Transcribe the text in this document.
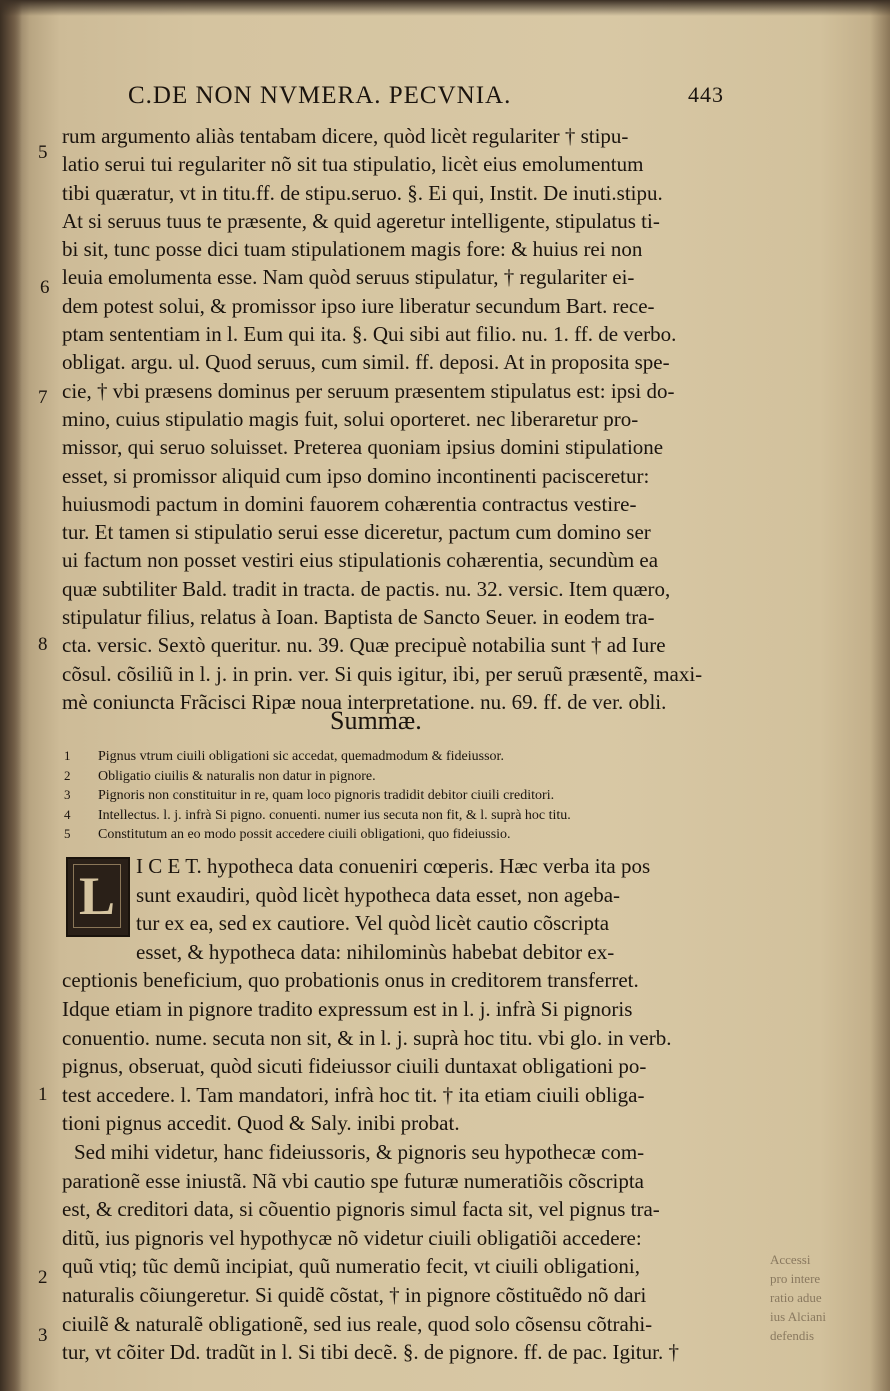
C.DE NON NVMERA. PECVNIA.	443
5
6
7
8
1
2
3
rum argumento aliàs tentabam dicere, quòd licèt regulariter † stipu-
latio serui tui regulariter nõ sit tua stipulatio, licèt eius emolumentum
tibi quæratur, vt in titu.ff. de stipu.seruo. §. Ei qui, Instit. De inuti.stipu.
At si seruus tuus te præsente, & quid ageretur intelligente, stipulatus ti-
bi sit, tunc posse dici tuam stipulationem magis fore: & huius rei non
leuia emolumenta esse. Nam quòd seruus stipulatur, † regulariter ei-
dem potest solui, & promissor ipso iure liberatur secundum Bart. rece-
ptam sententiam in l. Eum qui ita. §. Qui sibi aut filio. nu. 1. ff. de verbo.
obligat. argu. ul. Quod seruus, cum simil. ff. deposi. At in proposita spe-
cie, † vbi præsens dominus per seruum præsentem stipulatus est: ipsi do-
mino, cuius stipulatio magis fuit, solui oporteret. nec liberaretur pro-
missor, qui seruo soluisset. Preterea quoniam ipsius domini stipulatione
esset, si promissor aliquid cum ipso domino incontinenti pacisceretur:
huiusmodi pactum in domini fauorem cohærentia contractus vestire-
tur. Et tamen si stipulatio serui esse diceretur, pactum cum domino ser
ui factum non posset vestiri eius stipulationis cohærentia, secundùm ea
quæ subtiliter Bald. tradit in tracta. de pactis. nu. 32. versic. Item quæro,
stipulatur filius, relatus à Ioan. Baptista de Sancto Seuer. in eodem tra-
cta. versic. Sextò queritur. nu. 39. Quæ precipuè notabilia sunt † ad Iure
cõsul. cõsiliũ in l. j. in prin. ver. Si quis igitur, ibi, per seruũ præsentẽ, maxi-
mè coniuncta Frãcisci Ripæ noua interpretatione. nu. 69. ff. de ver. obli.
Summæ.
1 Pignus vtrum ciuili obligationi sic accedat, quemadmodum & fideiussor.
2 Obligatio ciuilis & naturalis non datur in pignore.
3 Pignoris non constituitur in re, quam loco pignoris tradidit debitor ciuili creditori.
4 Intellectus. l. j. infrà Si pigno. conuenti. numer ius secuta non fit, & l. suprà hoc titu.
5 Constitutum an eo modo possit accedere ciuili obligationi, quo fideiussio.
L I C E T. hypotheca data conueniri cœperis. Hæc verba ita pos
sunt exaudiri, quòd licèt hypotheca data esset, non ageba-
tur ex ea, sed ex cautiore. Vel quòd licèt cautio cõscripta
esset, & hypotheca data: nihilominùs habebat debitor ex-
ceptionis beneficium, quo probationis onus in creditorem transferret.
Idque etiam in pignore tradito expressum est in l. j. infrà Si pignoris
conuentio. nume. secuta non sit, & in l. j. suprà hoc titu. vbi glo. in verb.
pignus, obseruat, quòd sicuti fideiussor ciuili duntaxat obligationi po-
test accedere. l. Tam mandatori, infrà hoc tit. † ita etiam ciuili obliga-
tioni pignus accedit. Quod & Saly. inibi probat.
Sed mihi videtur, hanc fideiussoris, & pignoris seu hypothecæ com-
parationẽ esse iniustã. Nã vbi cautio spe futuræ numeratiõis cõscripta
est, & creditori data, si cõuentio pignoris simul facta sit, vel pignus tra-
ditũ, ius pignoris vel hypothycæ nõ videtur ciuili obligatiõi accedere:
quũ vtiq; tũc demũ incipiat, quũ numeratio fecit, vt ciuili obligationi,
naturalis cõiungeretur. Si quidẽ cõstat, † in pignore cõstituẽdo nõ dari
ciuilẽ & naturalẽ obligationẽ, sed ius reale, quod solo cõsensu cõtrahi-
tur, vt cõiter Dd. tradũt in l. Si tibi decẽ. §. de pignore. ff. de pac. Igitur. †
Accessi
pro intere
ratio adue
ius Alciani
defendis
